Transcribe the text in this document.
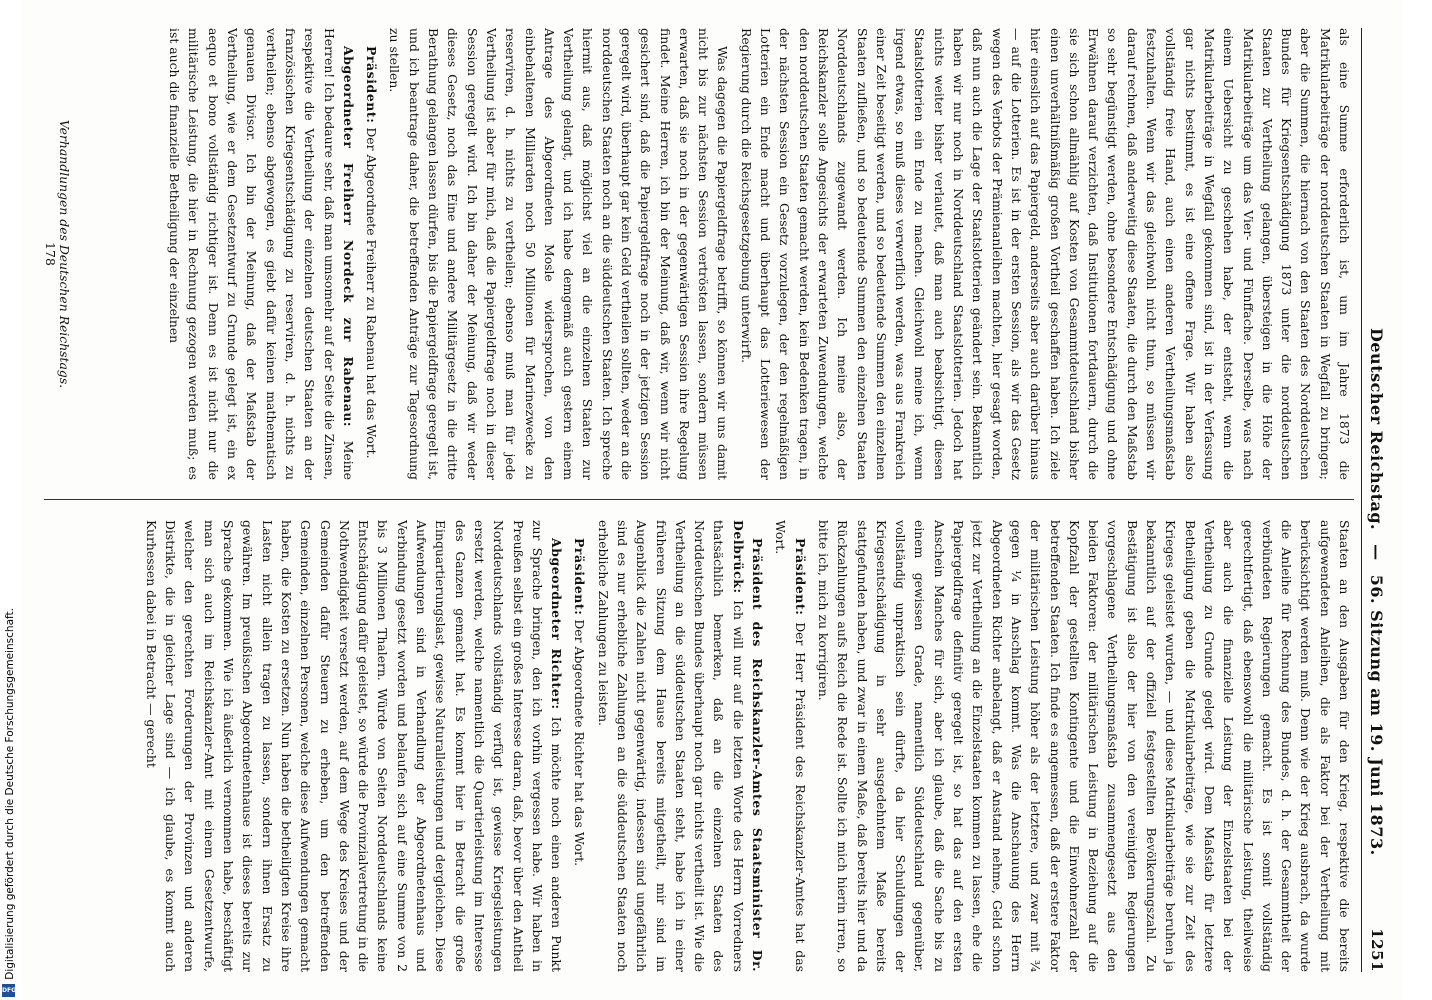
Deutscher Reichstag. — 56. Sitzung am 19. Juni 1873.
1251

als eine Summe erforderlich ist, um im Jahre 1873 die Matrikularbeiträge der norddeutschen Staaten in Wegfall zu bringen; aber die Summen, die hiernach von den Staaten des Norddeutschen Bundes für Kriegsentschädigung 1873 unter die norddeutschen Staaten zur Vertheilung gelangen, übersteigen in die Höhe der Matrikularbeiträge um das Vier- und Fünffache. Derselbe, was nach einem Uebersicht zu geschehen habe, der entsteht, wenn die Matrikularbeiträge in Wegfall gekommen sind, ist in der Verfassung gar nichts bestimmt, es ist eine offene Frage. Wir haben also vollständig freie Hand, auch einen anderen Vertheilungsmaßstab festzuhalten. Wenn wir das gleichwohl nicht thun, so müssen wir darauf rechnen, daß anderweitig diese Staaten, die durch den Maßstab so sehr begünstigt werden, ohne besondere Entschädigung und ohne Erwähnen darauf verzichten, daß Institutionen fortdauern, durch die sie sich schon allmählig auf Kosten von Gesammtdeutschland bisher einen unverhältnißmäßig großen Vortheil geschaffen haben. Ich ziele hier eineslich auf das Papiergeld, anderseits aber auch darüber hinaus — auf die Lotterien. Es ist in der ersten Session, als wir das Gesetz wegen des Verbots der Prämienanleihen machten, hier gesagt worden, daß nun auch die Lage der Staatslotterien geändert sein. Bekanntlich haben wir nur noch in Norddeutschland Staatslotterien. Jedoch hat nichts weiter bisher verlautet, daß man auch beabsichtigt, diesen Staatslotterien ein Ende zu machen. Gleichwohl meine ich, wenn irgend etwas, so muß dieses verwerflich werden, was aus Frankreich einer Zeit beseitigt werden, und so bedeutende Summen den einzelnen Staaten zufließen, und so bedeutende Summen den einzelnen Staaten Norddeutschlands zugewandt werden. Ich meine also, der Reichskanzler solle Angesichts der erwarteten Zuwendungen, welche den norddeutschen Staaten gemacht werden, kein Bedenken tragen, in der nächsten Session ein Gesetz vorzulegen, der den regelmäßigen Lotterien ein Ende macht und überhaupt das Lotteriewesen der Regierung durch die Reichsgesetzgebung unterwirft.

Was dagegen die Papiergeldfrage betrifft, so können wir uns damit nicht bis zur nächsten Session vertrösten lassen, sondern müssen erwarten, daß sie noch in der gegenwärtigen Session ihre Regelung findet. Meine Herren, ich bin der Meinung, daß wir, wenn wir nicht gesichert sind, daß die Papiergeldfrage noch in der jetzigen Session geregelt wird, überhaupt gar kein Geld vertheilen sollten, weder an die norddeutschen Staaten noch an die süddeutschen Staaten. Ich spreche hiermit aus, daß möglichst viel an die einzelnen Staaten zur Vertheilung gelangt, und ich habe demgemäß auch gestern einem Antrage des Abgeordneten Mosle widersprochen, von den einbehaltenen Milliarden noch 50 Millionen für Marinezwecke zu reserviren, d. h. nichts zu vertheilen; ebenso muß man für jede Vertheilung ist aber für mich, daß die Papiergeldfrage noch in dieser Session geregelt wird. Ich bin daher der Meinung, daß wir weder dieses Gesetz, noch das Eine und andere Militärgesetz in die dritte Berathung gelangen lassen dürfen, bis die Papiergeldfrage geregelt ist, und ich beantrage daher, die betreffenden Anträge zur Tagesordnung zu stellen.

Präsident: Der Abgeordnete Freiherr zu Rabenau hat das Wort.

Abgeordneter Freiherr Nordeck zur Rabenau: Meine Herren! Ich bedaure sehr, daß man umsomehr auf der Seite die Zinsen, respektive die Vertheilung der einzelnen deutschen Staaten an der französischen Kriegsentschädigung zu reserviren, d. h. nichts zu vertheilen; ebenso abgewogen, es giebt dafür keinen mathematisch genauen Divisor. Ich bin der Meinung, daß der Maßstab der Vertheilung, wie er dem Gesetzentwurf zu Grunde gelegt ist, ein ex aequo et bono vollständig richtiger ist. Denn es ist nicht nur die militärische Leistung, die hier in Rechnung gezogen werden muß; es ist auch die finanzielle Betheiligung der einzelnen

Staaten an den Ausgaben für den Krieg, respektive die bereits aufgewendeten Anleihen, die als Faktor bei der Vertheilung mit berücksichtigt werden muß. Denn wie der Krieg ausbrach, da wurde die Anleihe für Rechnung des Bundes, d. h. der Gesammtheit der verbündeten Regierungen gemacht. Es ist somit vollständig gerechtfertigt, daß ebensowohl die militärische Leistung, theilweise aber auch die finanzielle Leistung der Einzelstaaten bei der Vertheilung zu Grunde gelegt wird. Dem Maßstab für letztere Betheiligung geben die Matrikularbeiträge, wie sie zur Zeit des Krieges geleistet wurden, — und diese Matrikularbeiträge beruhen ja bekanntlich auf der offiziell festgestellten Bevölkerungszahl. Zu Bestätigung ist also der hier von den vereinigten Regierungen vorgeschlagene Vertheilungsmaßstab zusammengesetzt aus den beiden Faktoren: der militärischen Leistung in Beziehung auf die Kopfzahl der gestellten Kontingente und die Einwohnerzahl der betreffenden Staaten. Ich finde es angemessen, daß der erstere Faktor der militärischen Leistung höher als der letztere, und zwar mit ¾ gegen ¼ in Anschlag kommt. Was die Anschauung des Herrn Abgeordneten Richter anbelangt, daß er Anstand nehme, Geld schon jetzt zur Vertheilung an die Einzelstaaten kommen zu lassen, ehe die Papiergeldfrage definitiv geregelt ist, so hat das auf den ersten Anschein Manches für sich, aber ich glaube, daß die Sache bis zu einem gewissen Grade, namentlich Süddeutschland gegenüber, vollständig unpraktisch sein dürfte, da hier Schuldungen der Kriegsentschädigung in sehr ausgedehntem Maße bereits stattgefunden haben, und zwar in einem Maße, daß bereits hier und da Rückzahlungen aufs Reich die Rede ist. Sollte ich mich hierin irren, so bitte ich, mich zu korrigiren.

Präsident: Der Herr Präsident des Reichskanzler-Amtes hat das Wort.

Präsident des Reichskanzler-Amtes Staatsminister Dr. Delbrück: Ich will nur auf die letzten Worte des Herrn Vorredners thatsächlich bemerken, daß an die einzelnen Staaten des Norddeutschen Bundes überhaupt noch gar nichts vertheilt ist. Wie die Vertheilung an die süddeutschen Staaten steht, habe ich in einer früheren Sitzung dem Hause bereits mitgetheilt, mir sind im Augenblick die Zahlen nicht gegenwärtig, indessen sind ungefährlich sind es nur erhebliche Zahlungen an die süddeutschen Staaten noch erhebliche Zahlungen zu leisten.

Präsident: Der Abgeordnete Richter hat das Wort.

Abgeordneter Richter: Ich möchte noch einen anderen Punkt zur Sprache bringen, den ich vorhin vergessen habe. Wir haben in Preußen selbst ein großes Interesse daran, daß, bevor über den Antheil Norddeutschlands vollständig verfügt ist, gewisse Kriegsleistungen ersetzt werden, welche namentlich die Quartierleistung im Interesse des Ganzen gemacht hat. Es kommt hier in Betracht die große Einquartierungslast, gewisse Naturalleistungen und dergleichen. Diese Aufwendungen sind in Verhandlung der Abgeordnetenhaus und Verbindung gesetzt worden und belaufen sich auf eine Summe von 2 bis 3 Millionen Thalern. Würde von Seiten Norddeutschlands keine Entschädigung dafür geleistet, so würde die Provinzialvertretung in die Nothwendigkeit versetzt werden, auf dem Wege des Kreises und der Gemeinden dafür Steuern zu erheben, um den betreffenden Gemeinden, einzelnen Personen, welche diese Aufwendungen gemacht haben, die Kosten zu ersetzen. Nun haben die betheiligten Kreise ihre Lasten nicht allein tragen zu lassen, sondern ihnen Ersatz zu gewähren. Im preußischen Abgeordnetenhause ist dieses bereits zur Sprache gekommen. Wie ich äußerlich vernommen habe, beschäftigt man sich auch im Reichskanzler-Amt mit einem Gesetzentwurfe, welcher den gerechten Forderungen der Provinzen und anderen Distrikte, die in gleicher Lage sind — ich glaube, es kommt auch Kurhessen dabei in Betracht — gerecht

Verhandlungen des Deutschen Reichstags.
178
Digitalisierung gefördert durch die Deutsche Forschungsgemeinschaft.
DFG
